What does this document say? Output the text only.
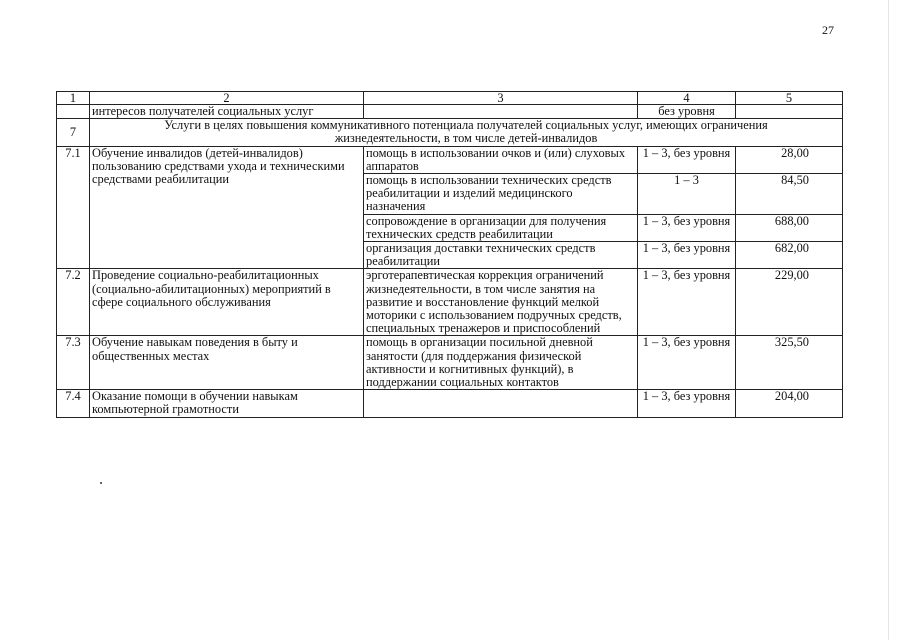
27
1	2	3	4	5
	интересов получателей социальных услуг		без уровня	
7	Услуги в целях повышения коммуникативного потенциала получателей социальных услуг, имеющих ограничения жизнедеятельности, в том числе детей-инвалидов			
7.1	Обучение инвалидов (детей-инвалидов) пользованию средствами ухода и техническими средствами реабилитации	помощь в использовании очков и (или) слуховых аппаратов	1 – 3, без уровня	28,00
		помощь в использовании технических средств реабилитации и изделий медицинского назначения	1 – 3	84,50
		сопровождение в организации для получения технических средств реабилитации	1 – 3, без уровня	688,00
		организация доставки технических средств реабилитации	1 – 3, без уровня	682,00
7.2	Проведение социально-реабилитационных (социально-абилитационных) мероприятий в сфере социального обслуживания	эрготерапевтическая коррекция ограничений жизнедеятельности, в том числе занятия на развитие и восстановление функций мелкой моторики с использованием подручных средств, специальных тренажеров и приспособлений	1 – 3, без уровня	229,00
7.3	Обучение навыкам поведения в быту и общественных местах	помощь в организации посильной дневной занятости (для поддержания физической активности и когнитивных функций), в поддержании социальных контактов	1 – 3, без уровня	325,50
7.4	Оказание помощи в обучении навыкам компьютерной грамотности		1 – 3, без уровня	204,00
